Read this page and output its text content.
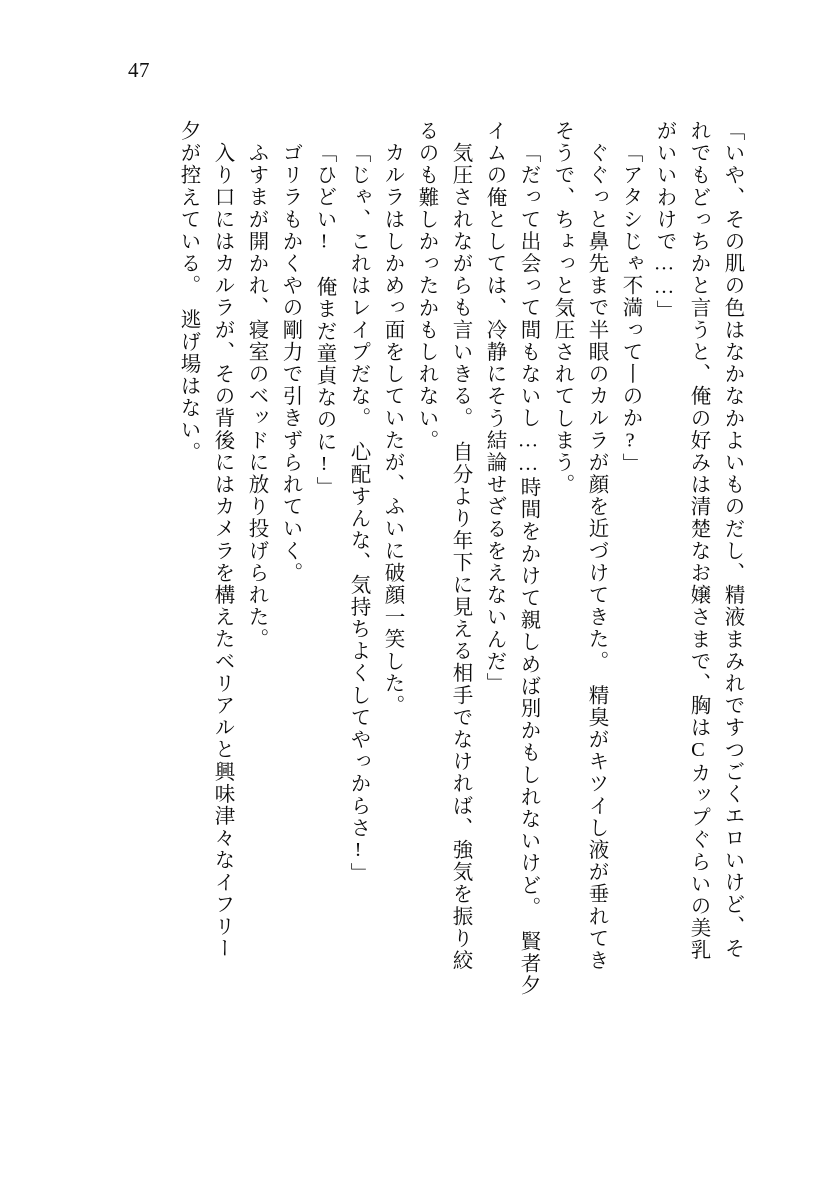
47
「いや、その肌の色はなかなかよいものだし、精液まみれですつごくエロいけど、そ
れでもどっちかと言うと、俺の好みは清楚なお嬢さまで、胸はCカップぐらいの美乳
がいいわけで……」
「アタシじゃ不満って丨のか?」
ぐぐっと鼻先まで半眼のカルラが顔を近づけてきた。　精臭がキツイし液が垂れてき
そうで、ちょっと気圧されてしまう。
「だって出会って間もないし……時間をかけて親しめば別かもしれないけど。　賢者夕
イムの俺としては、冷静にそう結論せざるをえないんだ」
気圧されながらも言いきる。　自分より年下に見える相手でなければ、強気を振り絞
るのも難しかったかもしれない。
カルラはしかめっ面をしていたが、ふいに破顔一笑した。
「じゃ、これはレイプだな。　心配すんな、気持ちよくしてやっからさ!」
「ひどい!　俺まだ童貞なのに!」
ゴリラもかくやの剛力で引きずられていく。
ふすまが開かれ、寝室のベッドに放り投げられた。
入り口にはカルラが、その背後にはカメラを構えたベリアルと興味津々なイフリー
夕が控えている。　逃げ場はない。
